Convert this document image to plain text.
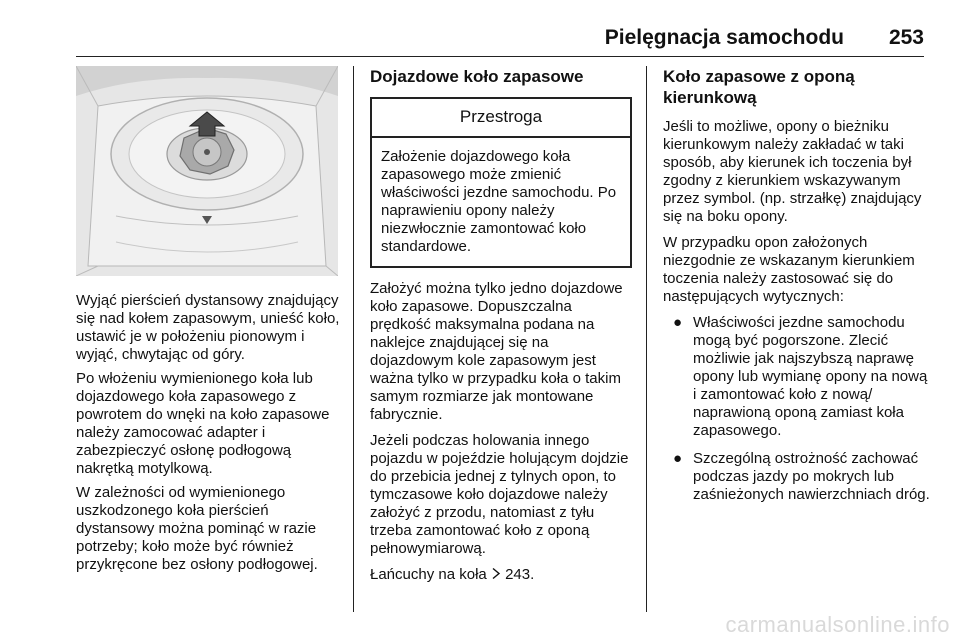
Pielęgnacja samochodu 253

Wyjąć pierścień dystansowy znajdujący się nad kołem zapasowym, unieść koło, ustawić je w położeniu pionowym i wyjąć, chwytając od góry.

Po włożeniu wymienionego koła lub dojazdowego koła zapasowego z powrotem do wnęki na koło zapasowe należy zamocować adapter i zabezpieczyć osłonę podłogową nakrętką motylkową.

W zależności od wymienionego uszkodzonego koła pierścień dystansowy można pominąć w razie potrzeby; koło może być również przykręcone bez osłony podłogowej.

Dojazdowe koło zapasowe
Przestroga
Założenie dojazdowego koła zapasowego może zmienić właściwości jezdne samochodu. Po naprawieniu opony należy niezwłocznie zamontować koło standardowe.

Założyć można tylko jedno dojazdowe koło zapasowe. Dopuszczalna prędkość maksymalna podana na naklejce znajdującej się na dojazdowym kole zapasowym jest ważna tylko w przypadku koła o takim samym rozmiarze jak montowane fabrycznie.

Jeżeli podczas holowania innego pojazdu w pojeździe holującym dojdzie do przebicia jednej z tylnych opon, to tymczasowe koło dojazdowe należy założyć z przodu, natomiast z tyłu trzeba zamontować koło z oponą pełnowymiarową.

Łańcuchy na koła 243.

Koło zapasowe z oponą kierunkową

Jeśli to możliwe, opony o bieżniku kierunkowym należy zakładać w taki sposób, aby kierunek ich toczenia był zgodny z kierunkiem wskazywanym przez symbol. (np. strzałkę) znajdujący się na boku opony.

W przypadku opon założonych niezgodnie ze wskazanym kierunkiem toczenia należy zastosować się do następujących wytycznych:

● Właściwości jezdne samochodu mogą być pogorszone. Zlecić możliwie jak najszybszą naprawę opony lub wymianę opony na nową i zamontować koło z nową/ naprawioną oponą zamiast koła zapasowego.
● Szczególną ostrożność zachować podczas jazdy po mokrych lub zaśnieżonych nawierzchniach dróg.
carmanualsonline.info
